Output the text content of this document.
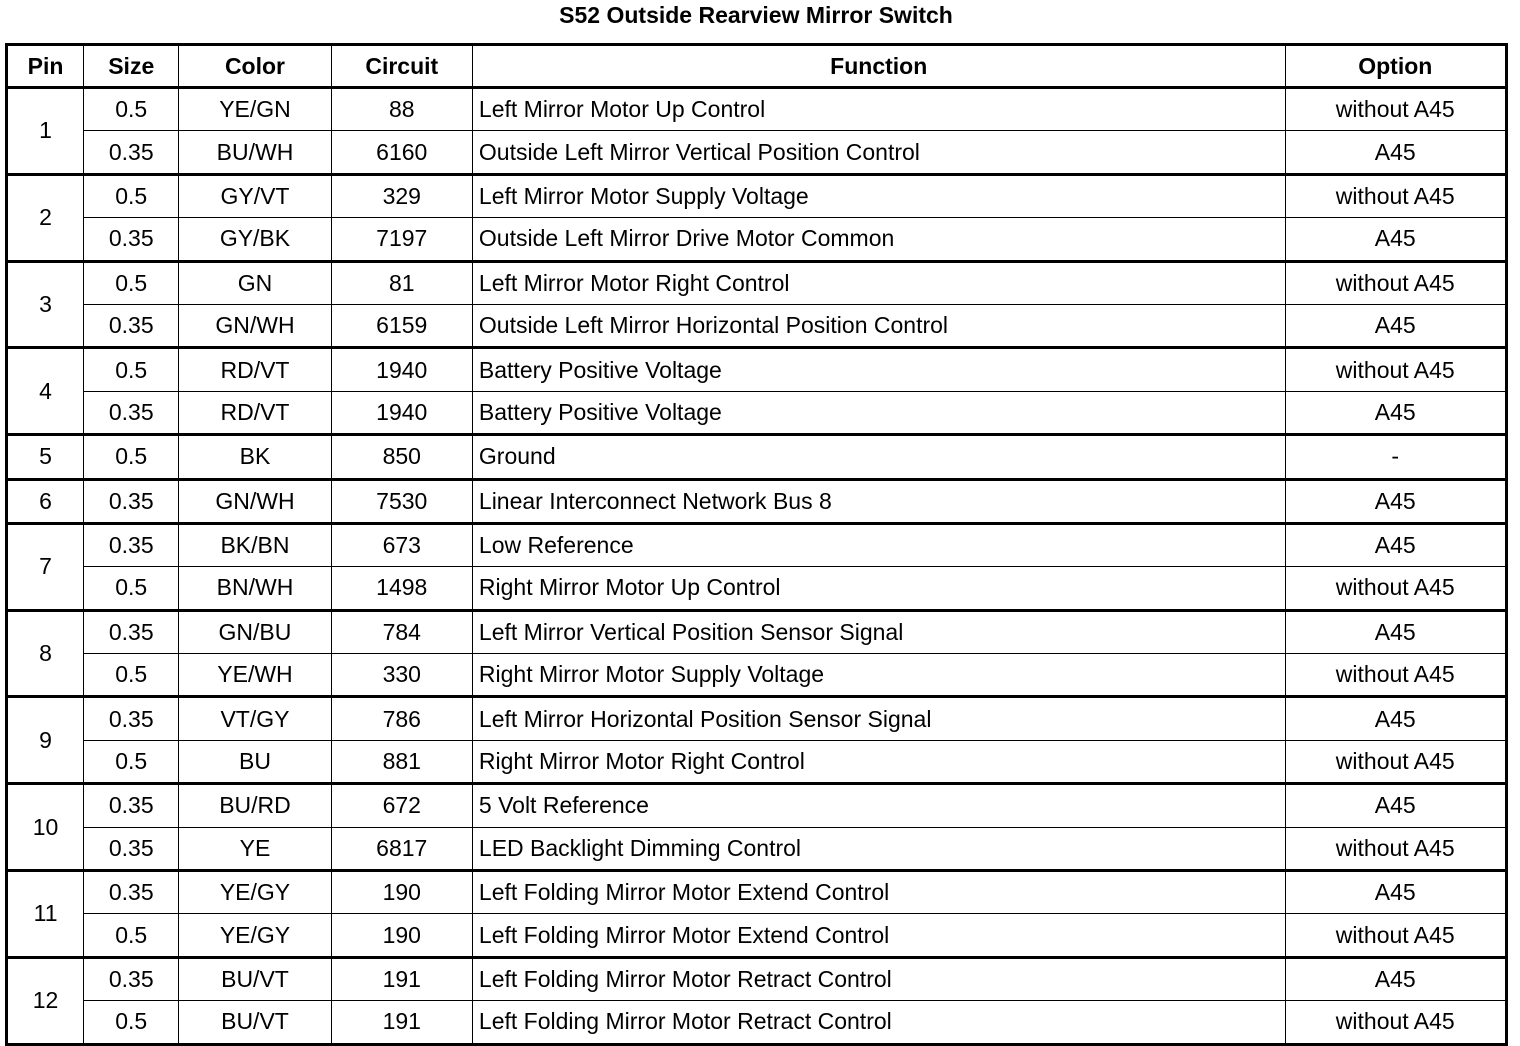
S52 Outside Rearview Mirror Switch
Pin	Size	Color	Circuit	Function	Option
1	0.5	YE/GN	88	Left Mirror Motor Up Control	without A45
	0.35	BU/WH	6160	Outside Left Mirror Vertical Position Control	A45
2	0.5	GY/VT	329	Left Mirror Motor Supply Voltage	without A45
	0.35	GY/BK	7197	Outside Left Mirror Drive Motor Common	A45
3	0.5	GN	81	Left Mirror Motor Right Control	without A45
	0.35	GN/WH	6159	Outside Left Mirror Horizontal Position Control	A45
4	0.5	RD/VT	1940	Battery Positive Voltage	without A45
	0.35	RD/VT	1940	Battery Positive Voltage	A45
5	0.5	BK	850	Ground	-
6	0.35	GN/WH	7530	Linear Interconnect Network Bus 8	A45
7	0.35	BK/BN	673	Low Reference	A45
	0.5	BN/WH	1498	Right Mirror Motor Up Control	without A45
8	0.35	GN/BU	784	Left Mirror Vertical Position Sensor Signal	A45
	0.5	YE/WH	330	Right Mirror Motor Supply Voltage	without A45
9	0.35	VT/GY	786	Left Mirror Horizontal Position Sensor Signal	A45
	0.5	BU	881	Right Mirror Motor Right Control	without A45
10	0.35	BU/RD	672	5 Volt Reference	A45
	0.35	YE	6817	LED Backlight Dimming Control	without A45
11	0.35	YE/GY	190	Left Folding Mirror Motor Extend Control	A45
	0.5	YE/GY	190	Left Folding Mirror Motor Extend Control	without A45
12	0.35	BU/VT	191	Left Folding Mirror Motor Retract Control	A45
	0.5	BU/VT	191	Left Folding Mirror Motor Retract Control	without A45
